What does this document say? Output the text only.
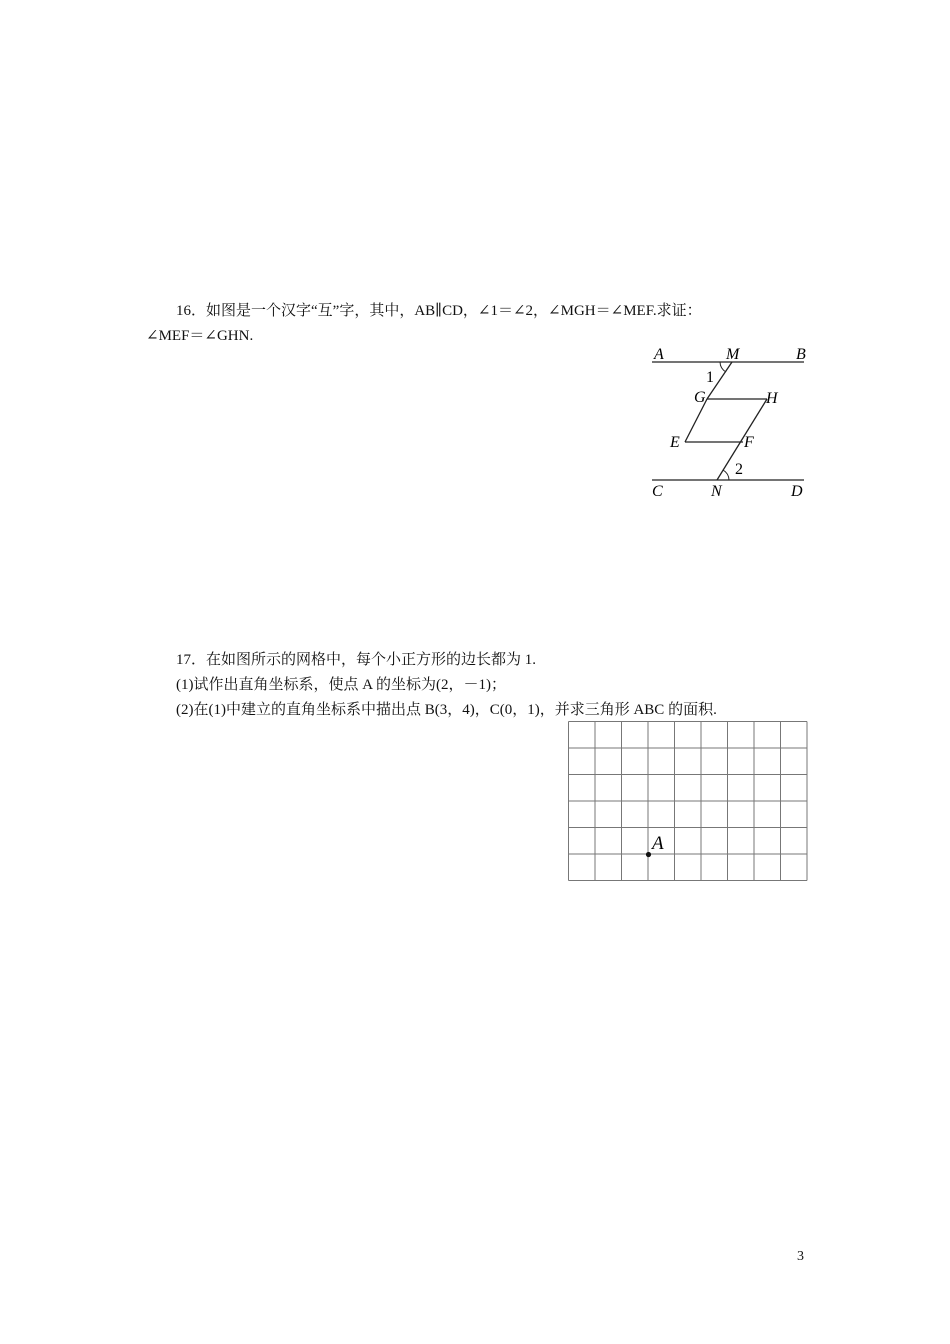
16．如图是一个汉字“互”字，其中，AB∥CD，∠1＝∠2，∠MGH＝∠MEF.求证：
∠MEF＝∠GHN.
A	M	B
1
G	H
E	F
2
C	N	D
17．在如图所示的网格中，每个小正方形的边长都为 1.
(1)试作出直角坐标系，使点 A 的坐标为(2，－1)；
(2)在(1)中建立的直角坐标系中描出点 B(3，4)，C(0，1)，并求三角形 ABC 的面积.
A
3
